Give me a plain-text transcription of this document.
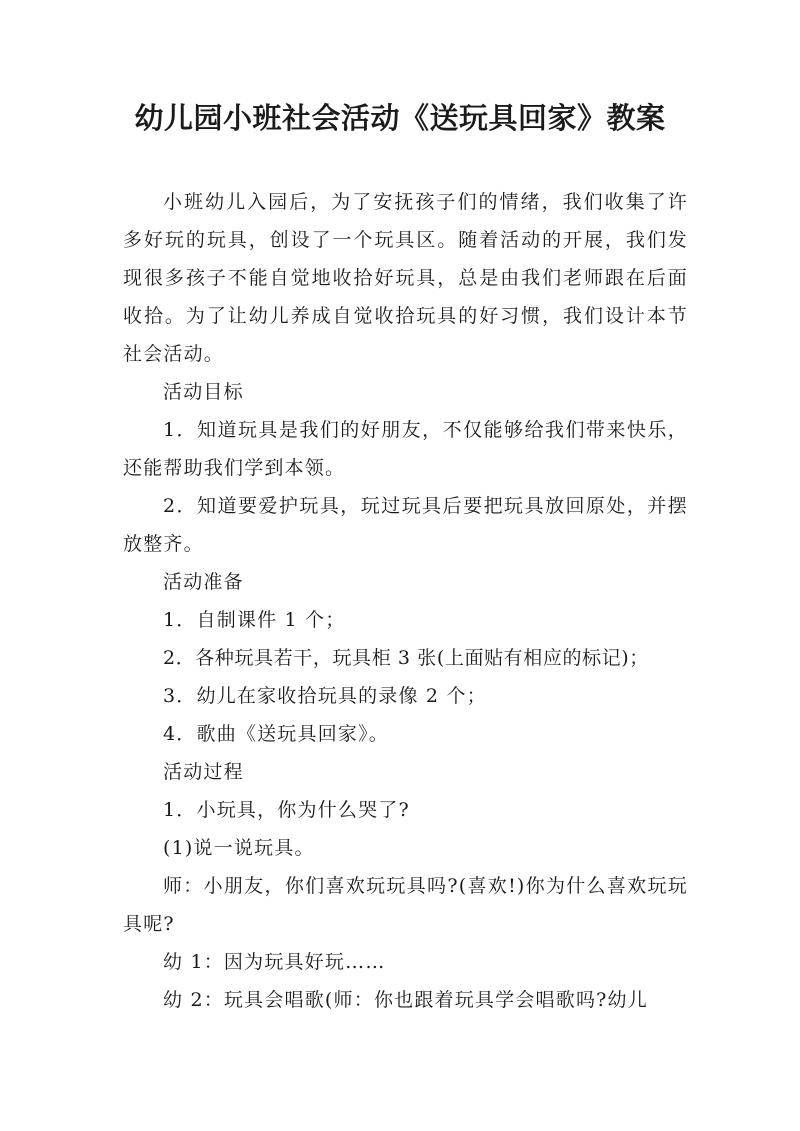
幼儿园小班社会活动《送玩具回家》教案

小班幼儿入园后，为了安抚孩子们的情绪，我们收集了许多好玩的玩具，创设了一个玩具区。随着活动的开展，我们发现很多孩子不能自觉地收拾好玩具，总是由我们老师跟在后面收拾。为了让幼儿养成自觉收拾玩具的好习惯，我们设计本节社会活动。

活动目标

1．知道玩具是我们的好朋友，不仅能够给我们带来快乐，还能帮助我们学到本领。

2．知道要爱护玩具，玩过玩具后要把玩具放回原处，并摆放整齐。

活动准备

1．自制课件 1 个；

2．各种玩具若干，玩具柜 3 张(上面贴有相应的标记)；

3．幼儿在家收拾玩具的录像 2 个；

4．歌曲《送玩具回家》。

活动过程

1．小玩具，你为什么哭了?

(1)说一说玩具。

师：小朋友，你们喜欢玩玩具吗?(喜欢!)你为什么喜欢玩玩具呢?

幼 1：因为玩具好玩……

幼 2：玩具会唱歌(师：你也跟着玩具学会唱歌吗?幼儿
